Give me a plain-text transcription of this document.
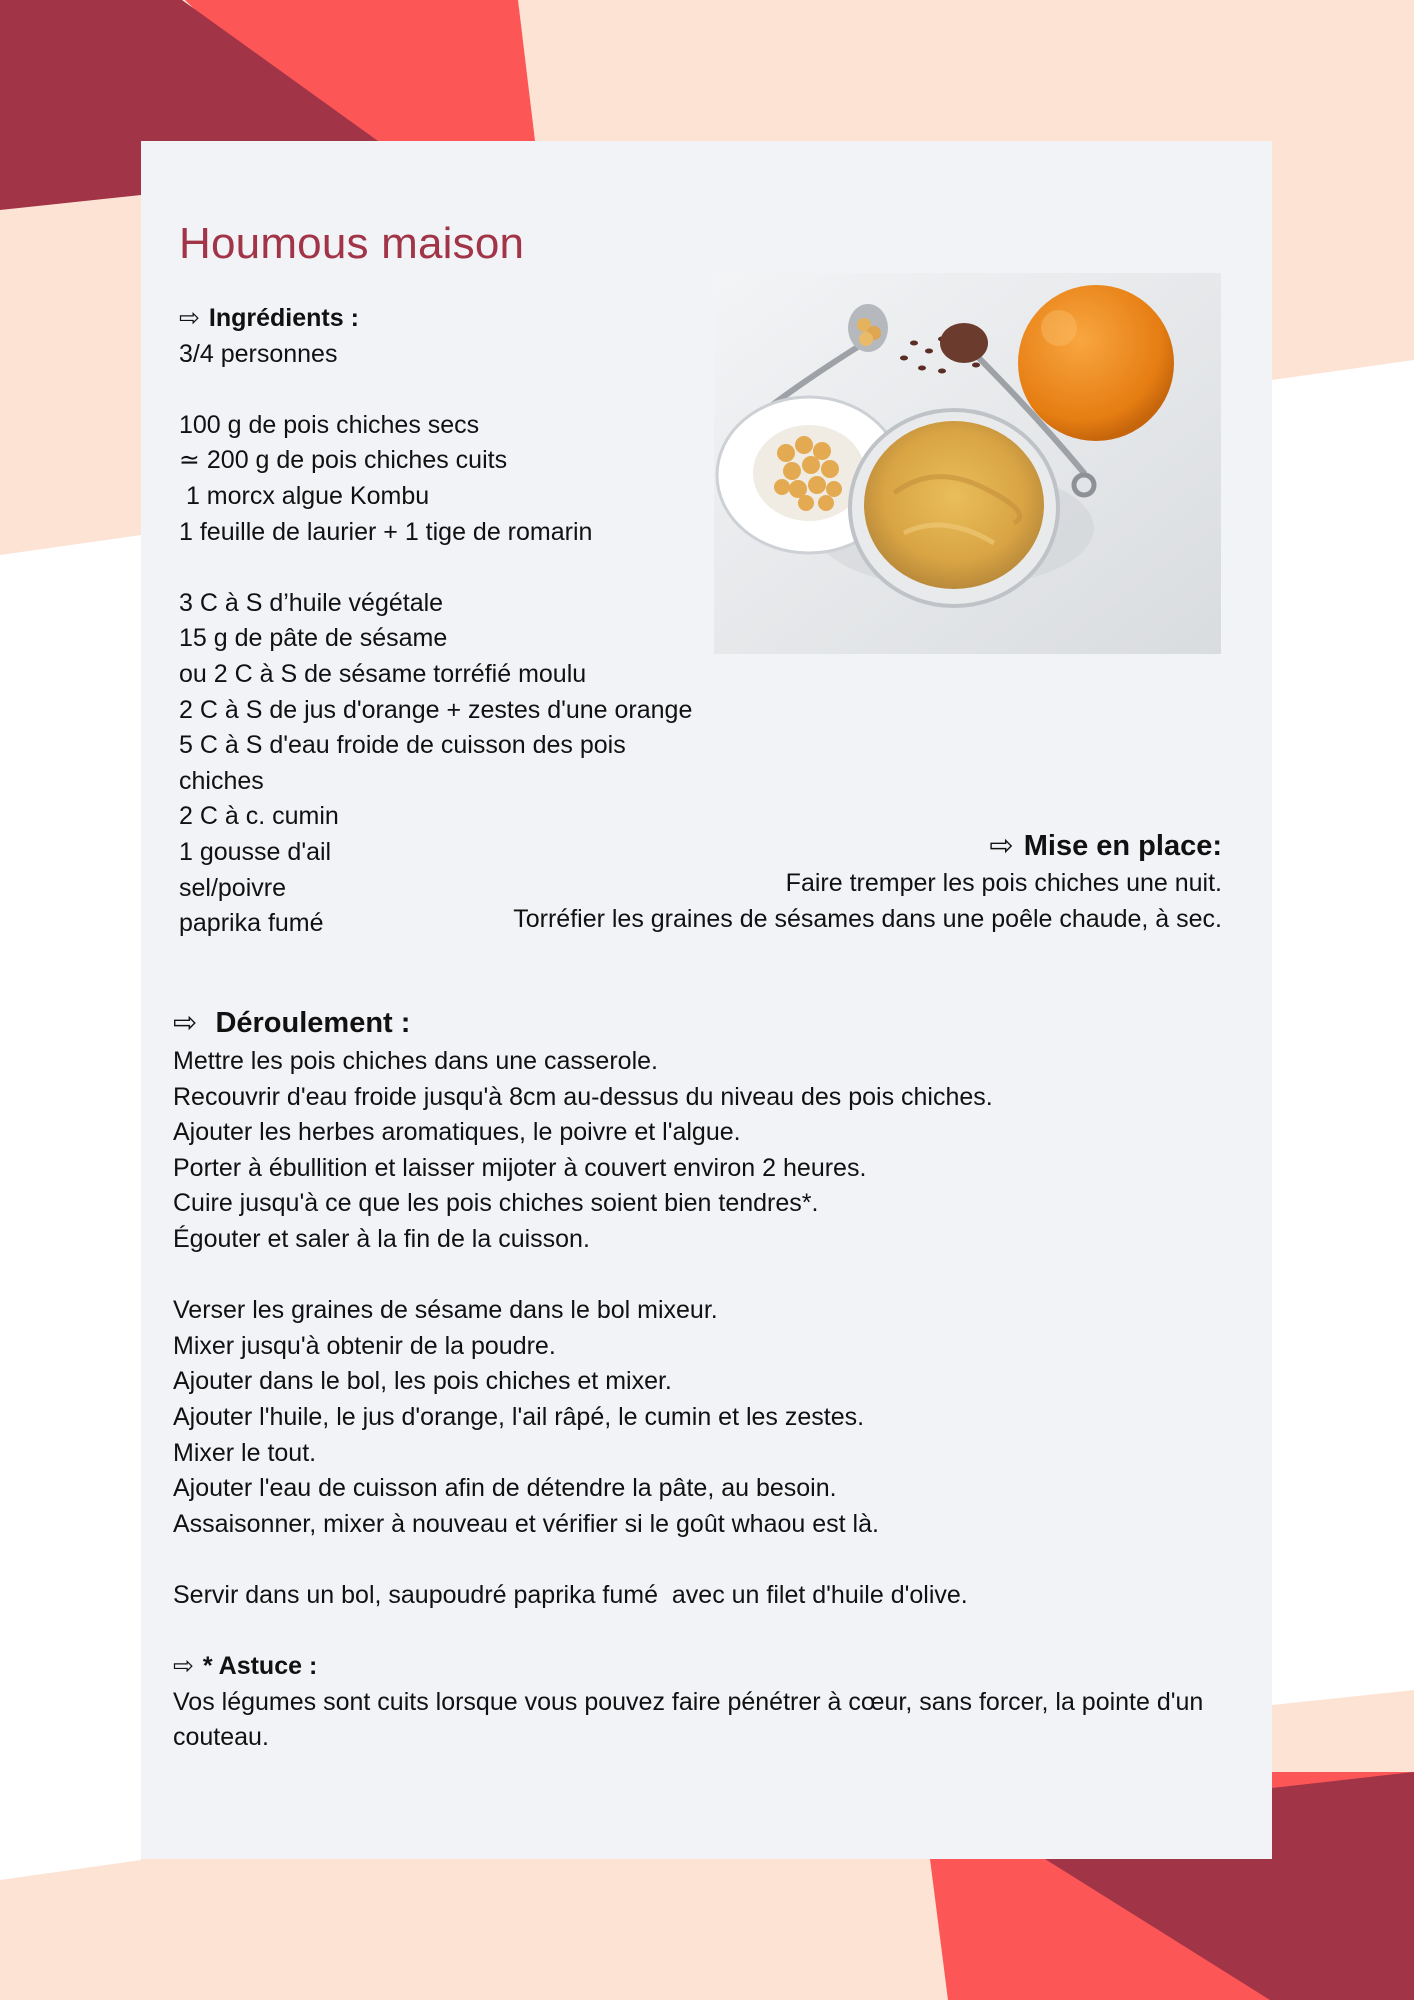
Houmous maison

⇨ Ingrédients :

3/4 personnes

100 g de pois chiches secs

≃ 200 g de pois chiches cuits

1 morcx algue Kombu

1 feuille de laurier + 1 tige de romarin

3 C à S d’huile végétale

15 g de pâte de sésame

ou 2 C à S de sésame torréfié moulu

2 C à S de jus d'orange + zestes d'une orange

5 C à S d'eau froide de cuisson des pois

chiches

2 C à c. cumin

1 gousse d'ail

sel/poivre

paprika fumé

⇨ Mise en place:

Faire tremper les pois chiches une nuit.

Torréfier les graines de sésames dans une poêle chaude, à sec.

⇨ Déroulement :

Mettre les pois chiches dans une casserole.

Recouvrir d'eau froide jusqu'à 8cm au-dessus du niveau des pois chiches.

Ajouter les herbes aromatiques, le poivre et l'algue.

Porter à ébullition et laisser mijoter à couvert environ 2 heures.

Cuire jusqu'à ce que les pois chiches soient bien tendres*.

Égouter et saler à la fin de la cuisson.

Verser les graines de sésame dans le bol mixeur.

Mixer jusqu'à obtenir de la poudre.

Ajouter dans le bol, les pois chiches et mixer.

Ajouter l'huile, le jus d'orange, l'ail râpé, le cumin et les zestes.

Mixer le tout.

Ajouter l'eau de cuisson afin de détendre la pâte, au besoin.

Assaisonner, mixer à nouveau et vérifier si le goût whaou est là.

Servir dans un bol, saupoudré paprika fumé  avec un filet d'huile d'olive.

⇨ * Astuce :

Vos légumes sont cuits lorsque vous pouvez faire pénétrer à cœur, sans forcer, la pointe d'un couteau.
